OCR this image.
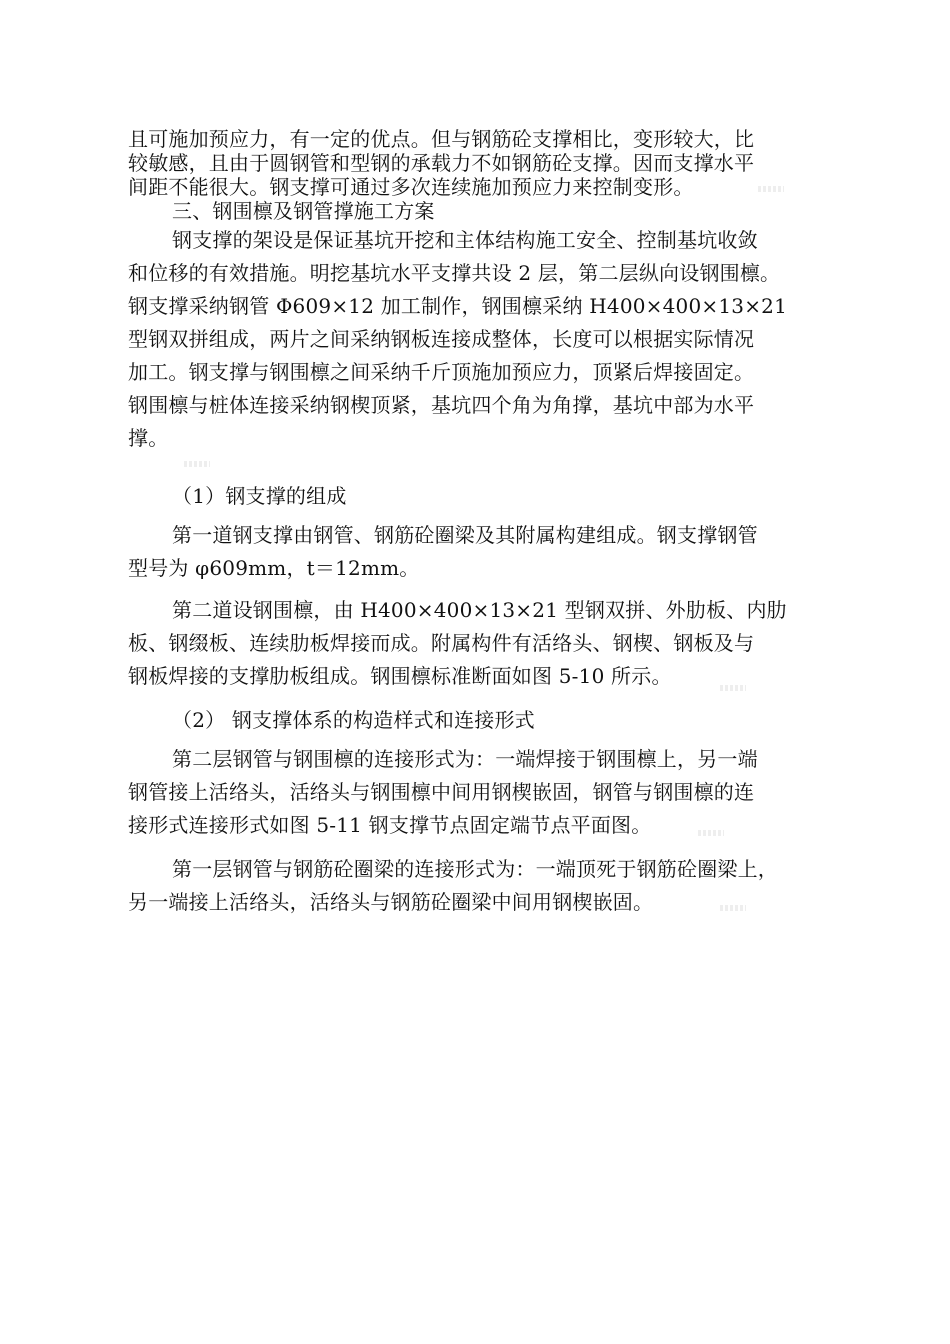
且可施加预应力，有一定的优点。但与钢筋砼支撑相比，变形较大，比
较敏感，且由于圆钢管和型钢的承载力不如钢筋砼支撑。因而支撑水平
间距不能很大。钢支撑可通过多次连续施加预应力来控制变形。
三、钢围檩及钢管撑施工方案
钢支撑的架设是保证基坑开挖和主体结构施工安全、控制基坑收敛
和位移的有效措施。明挖基坑水平支撑共设 2 层，第二层纵向设钢围檩。
钢支撑采纳钢管 Φ609×12 加工制作，钢围檩采纳 H400×400×13×21
型钢双拼组成，两片之间采纳钢板连接成整体，长度可以根据实际情况
加工。钢支撑与钢围檩之间采纳千斤顶施加预应力，顶紧后焊接固定。
钢围檩与桩体连接采纳钢楔顶紧，基坑四个角为角撑，基坑中部为水平
撑。
（1）钢支撑的组成
第一道钢支撑由钢管、钢筋砼圈梁及其附属构建组成。钢支撑钢管
型号为 φ609mm，t＝12mm。
第二道设钢围檩，由 H400×400×13×21 型钢双拼、外肋板、内肋
板、钢缀板、连续肋板焊接而成。附属构件有活络头、钢楔、钢板及与
钢板焊接的支撑肋板组成。钢围檩标准断面如图 5-10 所示。
（2） 钢支撑体系的构造样式和连接形式
第二层钢管与钢围檩的连接形式为：一端焊接于钢围檩上，另一端
钢管接上活络头，活络头与钢围檩中间用钢楔嵌固，钢管与钢围檩的连
接形式连接形式如图 5-11 钢支撑节点固定端节点平面图。
第一层钢管与钢筋砼圈梁的连接形式为：一端顶死于钢筋砼圈梁上，
另一端接上活络头，活络头与钢筋砼圈梁中间用钢楔嵌固。
